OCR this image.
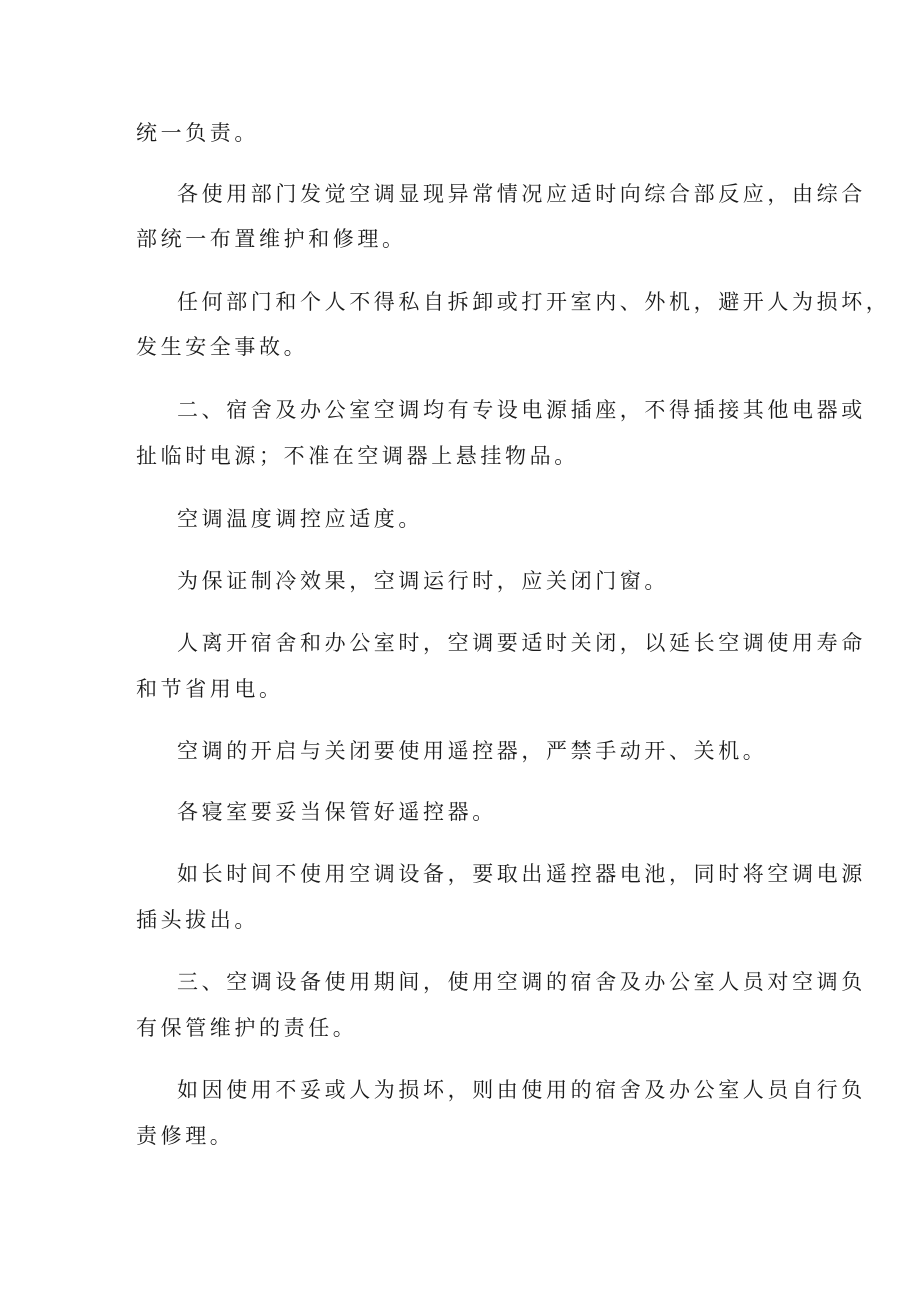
统一负责。
各使用部门发觉空调显现异常情况应适时向综合部反应，由综合
部统一布置维护和修理。
任何部门和个人不得私自拆卸或打开室内、外机，避开人为损坏，
发生安全事故。
二、宿舍及办公室空调均有专设电源插座，不得插接其他电器或
扯临时电源；不准在空调器上悬挂物品。
空调温度调控应适度。
为保证制冷效果，空调运行时，应关闭门窗。
人离开宿舍和办公室时，空调要适时关闭，以延长空调使用寿命
和节省用电。
空调的开启与关闭要使用遥控器，严禁手动开、关机。
各寝室要妥当保管好遥控器。
如长时间不使用空调设备，要取出遥控器电池，同时将空调电源
插头拔出。
三、空调设备使用期间，使用空调的宿舍及办公室人员对空调负
有保管维护的责任。
如因使用不妥或人为损坏，则由使用的宿舍及办公室人员自行负
责修理。
